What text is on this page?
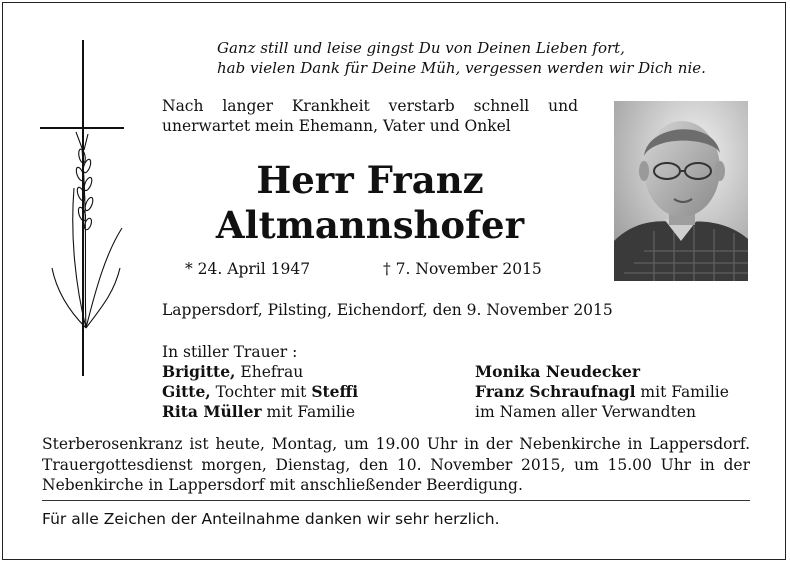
Ganz still und leise gingst Du von Deinen Lieben fort,
hab vielen Dank für Deine Müh, vergessen werden wir Dich nie.
Nach langer Krankheit verstarb schnell und unerwartet mein Ehemann, Vater und Onkel
Herr Franz
Altmannshofer
* 24. April 1947	† 7. November 2015
Lappersdorf, Pilsting, Eichendorf, den 9. November 2015
In stiller Trauer :
Brigitte, Ehefrau
Gitte, Tochter mit Steffi
Rita Müller mit Familie
Monika Neudecker
Franz Schraufnagl mit Familie
im Namen aller Verwandten
Sterberosenkranz ist heute, Montag, um 19.00 Uhr in der Nebenkirche in Lappersdorf. Trauergottesdienst morgen, Dienstag, den 10. November 2015, um 15.00 Uhr in der Nebenkirche in Lappersdorf mit anschließender Beerdigung.
Für alle Zeichen der Anteilnahme danken wir sehr herzlich.
